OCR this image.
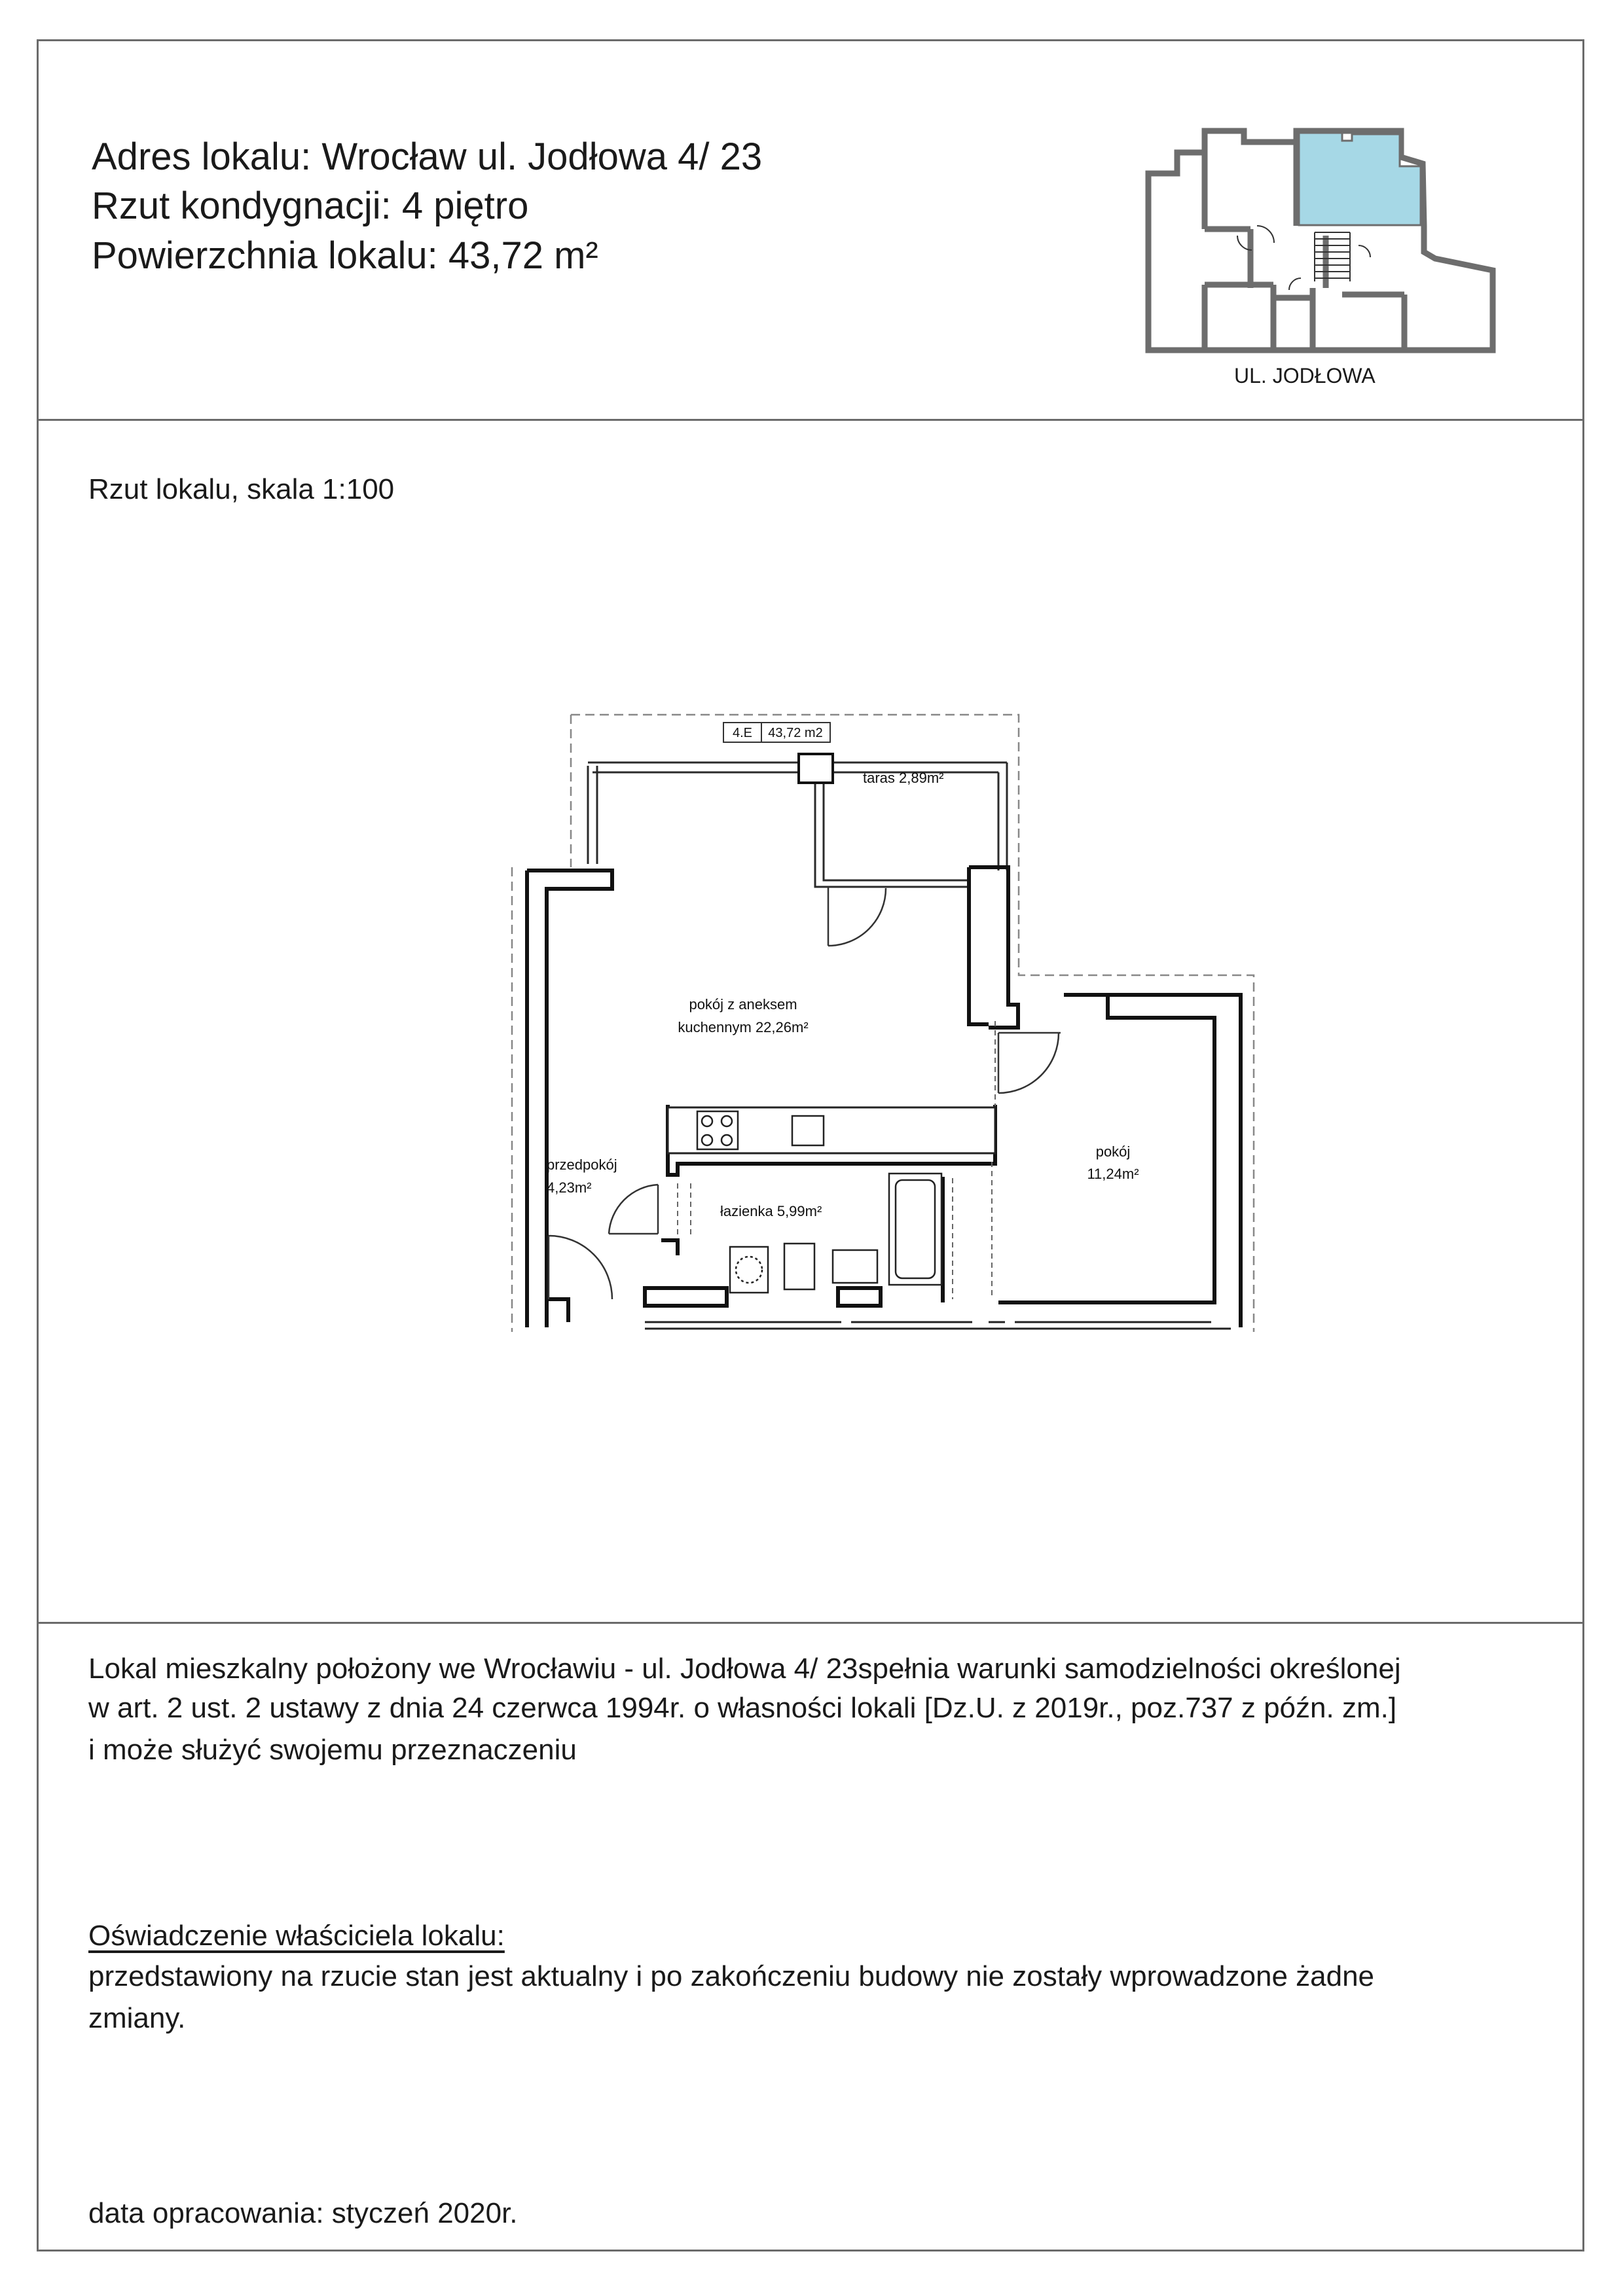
Adres lokalu: Wrocław ul. Jodłowa 4/ 23
Rzut kondygnacji: 4 piętro
Powierzchnia lokalu: 43,72 m²
UL. JODŁOWA
Rzut lokalu, skala 1:100
4.E 43,72 m2
taras 2,89m²
pokój z aneksem
kuchennym 22,26m²
przedpokój
4,23m²
łazienka 5,99m²
pokój
11,24m²
Lokal mieszkalny położony we Wrocławiu - ul. Jodłowa 4/ 23spełnia warunki samodzielności określonej
w art. 2 ust. 2 ustawy z dnia 24 czerwca 1994r. o własności lokali [Dz.U. z 2019r., poz.737 z późn. zm.]
i może służyć swojemu przeznaczeniu
Oświadczenie właściciela lokalu:
przedstawiony na rzucie stan jest aktualny i po zakończeniu budowy nie zostały wprowadzone żadne
zmiany.
data opracowania: styczeń 2020r.
